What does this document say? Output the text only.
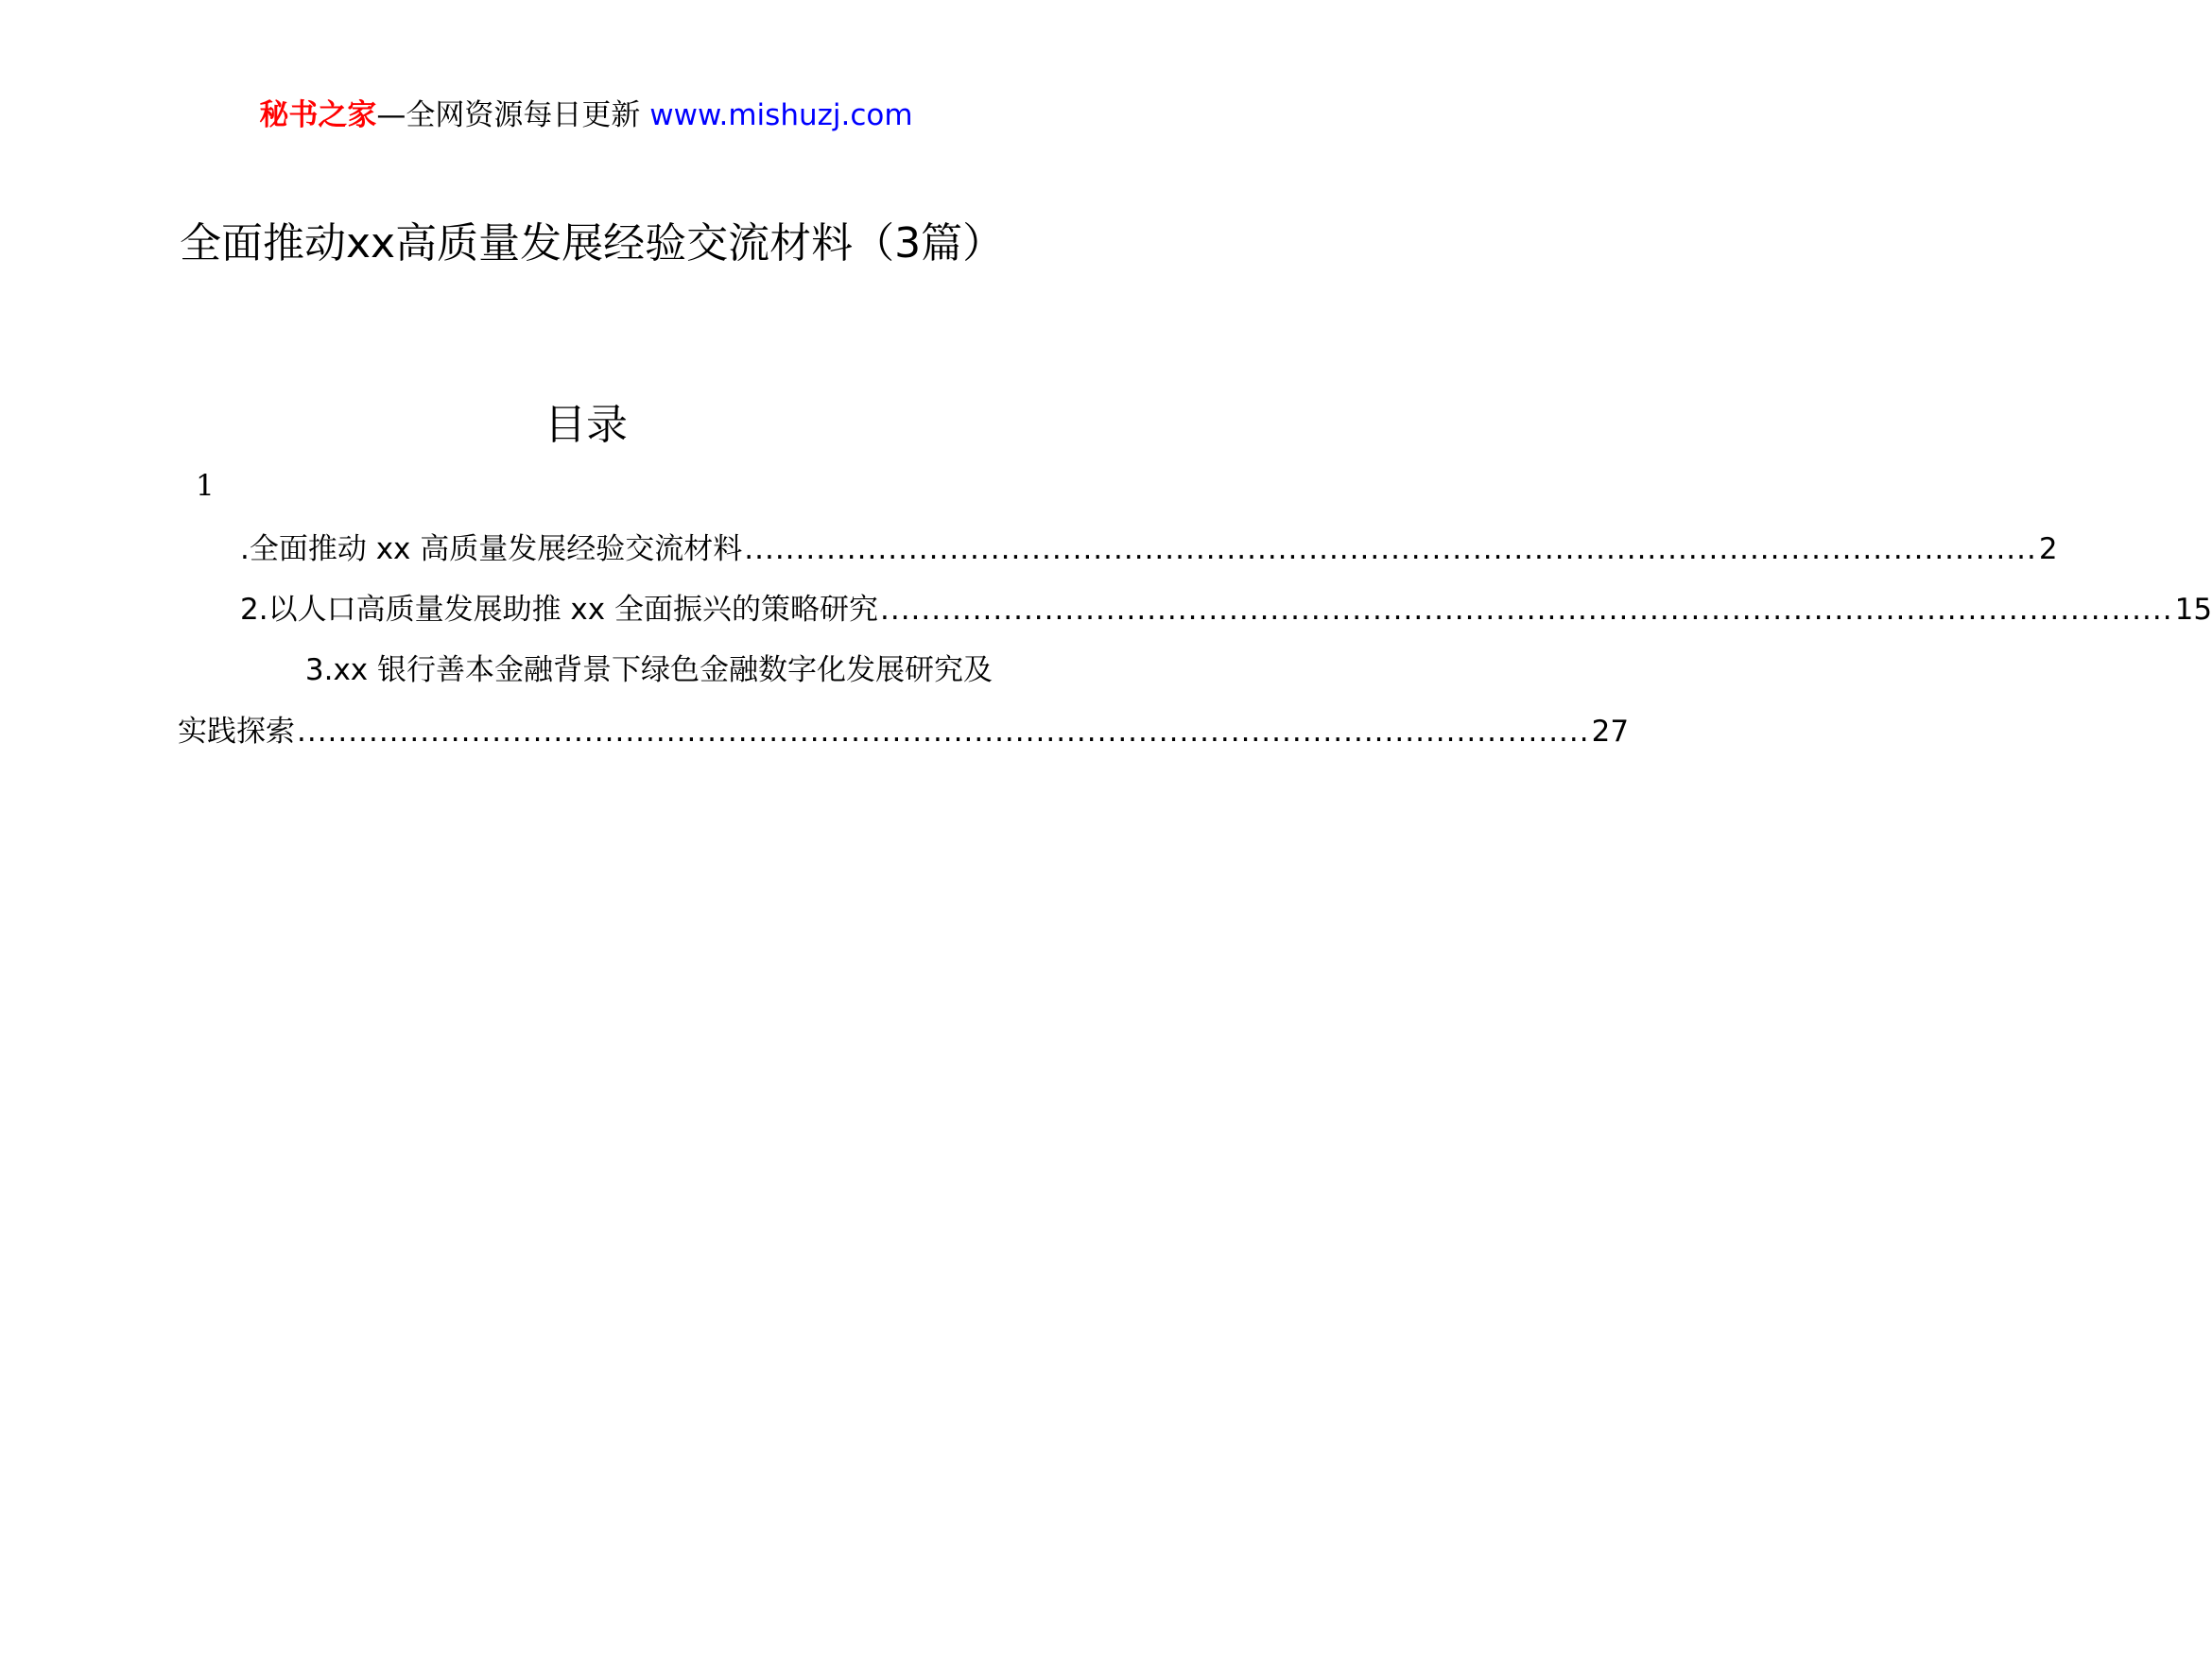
秘书之家—全网资源每日更新 www.mishuzj.com
全面推动xx高质量发展经验交流材料（3篇）
目录
1
.全面推动 xx 高质量发展经验交流材料 .............................................................................................................................. 2
2.以人口高质量发展助推 xx 全面振兴的策略研究 .............................................................................................................................. 15
3.xx 银行善本金融背景下绿色金融数字化发展研究及
实践探索 .............................................................................................................................. 27
